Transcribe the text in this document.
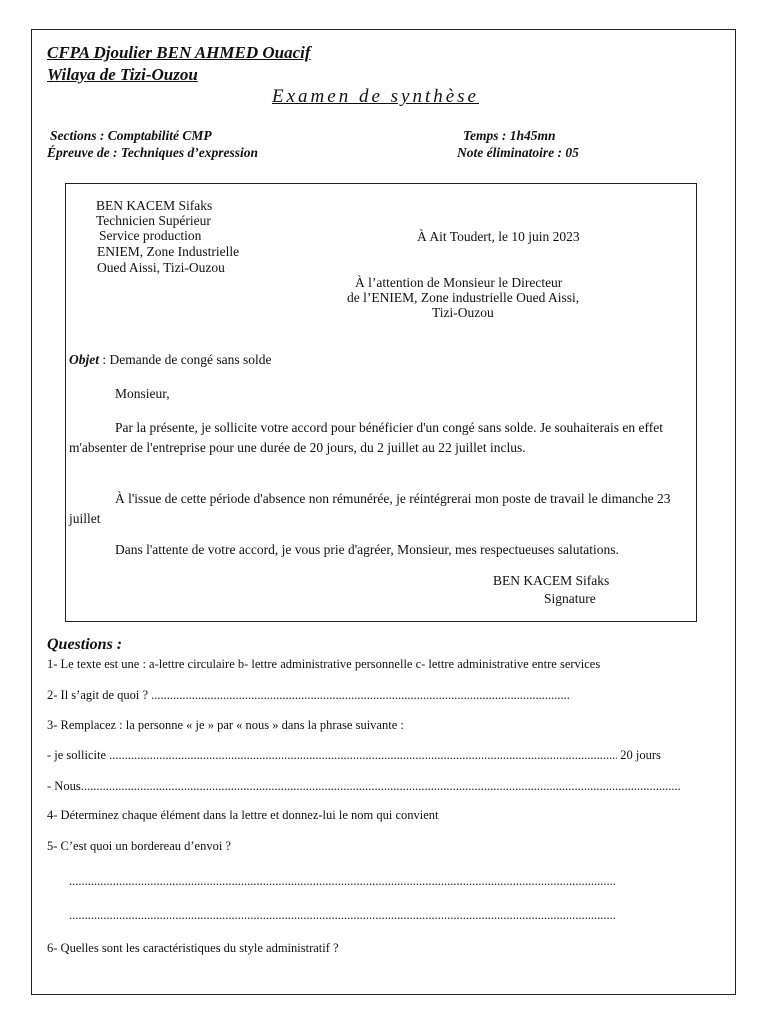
CFPA Djoulier BEN AHMED Ouacif
Wilaya de Tizi-Ouzou
Examen de synthèse
Sections : Comptabilité CMP
Épreuve de : Techniques d’expression
Temps : 1h45mn
Note éliminatoire : 05
BEN KACEM Sifaks
Technicien Supérieur
Service production
ENIEM, Zone Industrielle
Oued Aissi, Tizi-Ouzou
À Ait Toudert, le 10 juin 2023
À l’attention de Monsieur le Directeur
de l’ENIEM, Zone industrielle Oued Aissi,
Tizi-Ouzou
Objet : Demande de congé sans solde
Monsieur,
Par la présente, je sollicite votre accord pour bénéficier d'un congé sans solde. Je souhaiterais en effet m'absenter de l'entreprise pour une durée de 20 jours, du 2 juillet au 22 juillet inclus.
À l'issue de cette période d'absence non rémunérée, je réintégrerai mon poste de travail le dimanche 23 juillet
Dans l'attente de votre accord, je vous prie d'agréer, Monsieur, mes respectueuses salutations.
BEN KACEM Sifaks
Signature
Questions :
1- Le texte est une : a-lettre circulaire b- lettre administrative personnelle c- lettre administrative entre services
2- Il s’agit de quoi ? .....
3- Remplacez : la personne « je » par « nous » dans la phrase suivante :
- je sollicite .....	20 jours
- Nous.....
4- Déterminez chaque élément dans la lettre et donnez-lui le nom qui convient
5- C’est quoi un bordereau d’envoi ?
.....
.....
6- Quelles sont les caractéristiques du style administratif ?
